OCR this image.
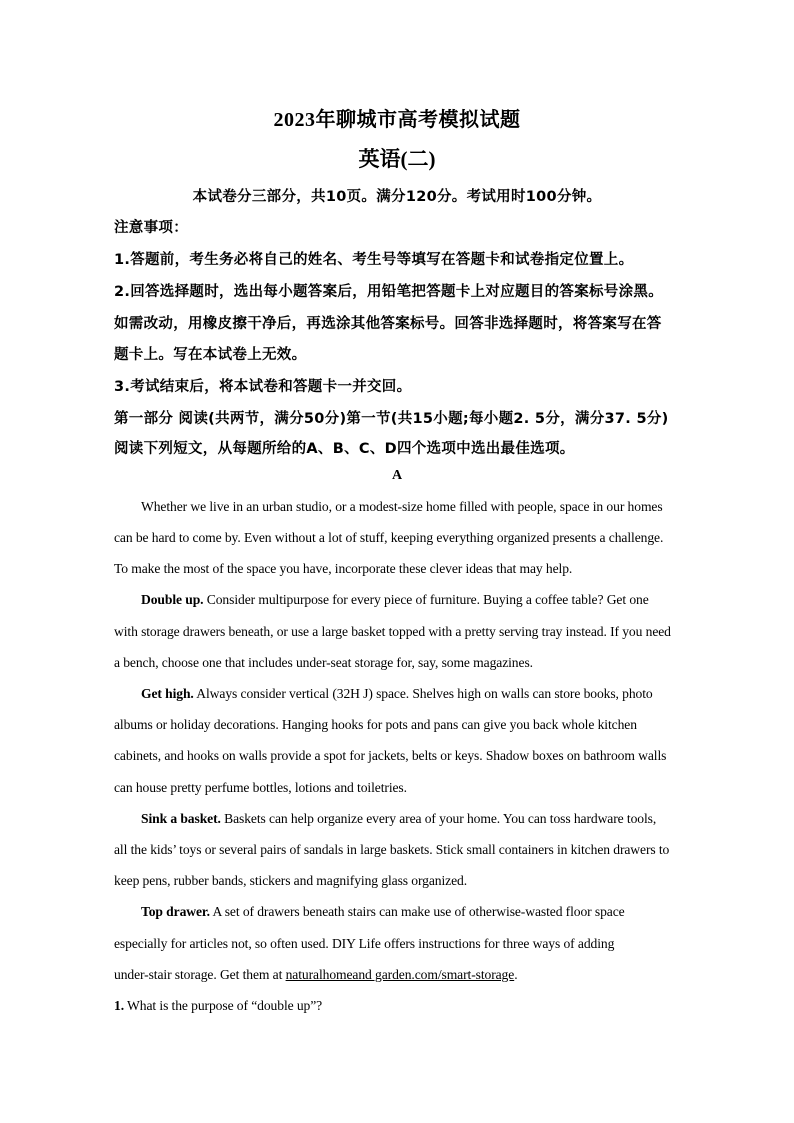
2023年聊城市高考模拟试题
英语(二)
本试卷分三部分，共10页。满分120分。考试用时100分钟。
注意事项：
1.答题前，考生务必将自己的姓名、考生号等填写在答题卡和试卷指定位置上。
2.回答选择题时，选出每小题答案后，用铅笔把答题卡上对应题目的答案标号涂黑。
如需改动，用橡皮擦干净后，再选涂其他答案标号。回答非选择题时，将答案写在答
题卡上。写在本试卷上无效。
3.考试结束后，将本试卷和答题卡一并交回。
第一部分 阅读(共两节，满分50分)第一节(共15小题;每小题2. 5分，满分37. 5分)
阅读下列短文，从每题所给的A、B、C、D四个选项中选出最佳选项。
A
Whether we live in an urban studio, or a modest-size home filled with people, space in our homes
can be hard to come by. Even without a lot of stuff, keeping everything organized presents a challenge.
To make the most of the space you have, incorporate these clever ideas that may help.
Double up. Consider multipurpose for every piece of furniture. Buying a coffee table? Get one
with storage drawers beneath, or use a large basket topped with a pretty serving tray instead. If you need
a bench, choose one that includes under-seat storage for, say, some magazines.
Get high. Always consider vertical (32H J) space. Shelves high on walls can store books, photo
albums or holiday decorations. Hanging hooks for pots and pans can give you back whole kitchen
cabinets, and hooks on walls provide a spot for jackets, belts or keys. Shadow boxes on bathroom walls
can house pretty perfume bottles, lotions and toiletries.
Sink a basket. Baskets can help organize every area of your home. You can toss hardware tools,
all the kids’ toys or several pairs of sandals in large baskets. Stick small containers in kitchen drawers to
keep pens, rubber bands, stickers and magnifying glass organized.
Top drawer. A set of drawers beneath stairs can make use of otherwise-wasted floor space
especially for articles not, so often used. DIY Life offers instructions for three ways of adding
under-stair storage. Get them at naturalhomeand garden.com/smart-storage.
1. What is the purpose of “double up”?
